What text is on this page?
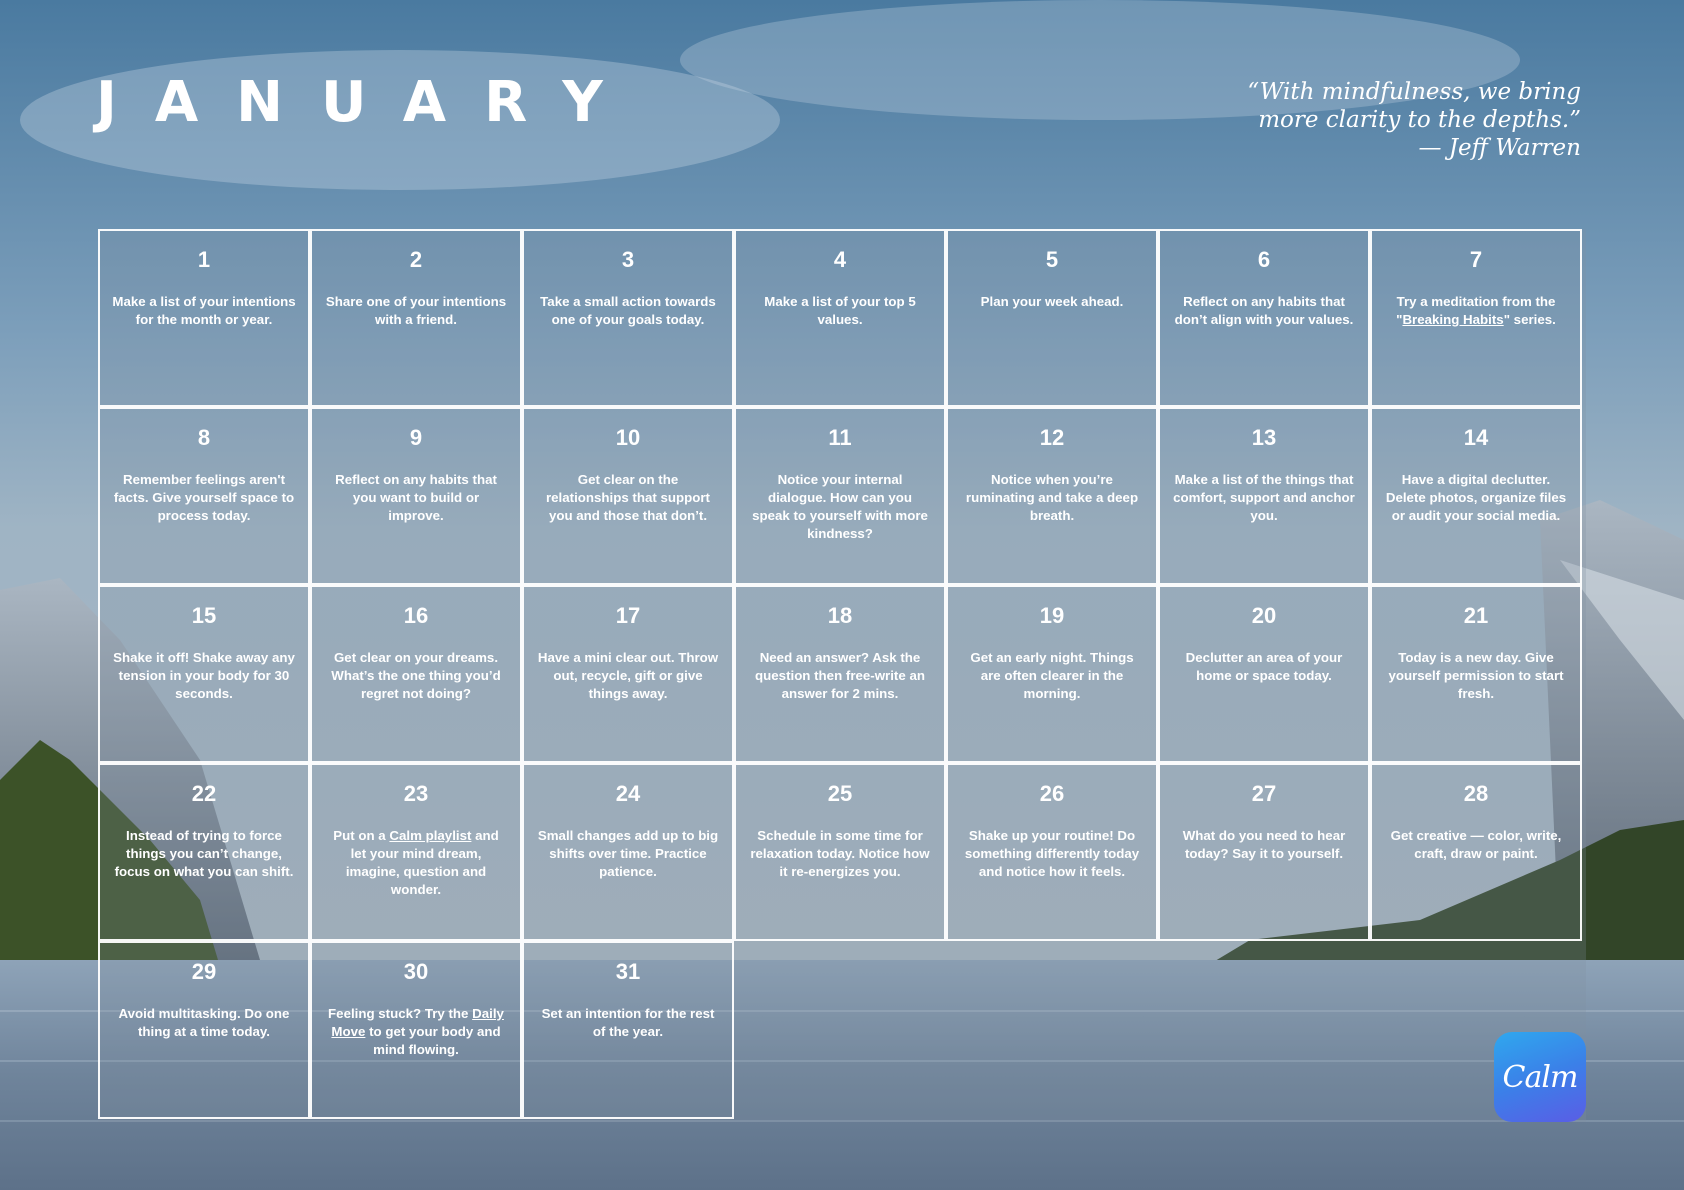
JANUARY	“With mindfulness, we bring
more clarity to the depths.”
— Jeff Warren
1
Make a list of your intentions for the month or year.
2
Share one of your intentions with a friend.
3
Take a small action towards one of your goals today.
4
Make a list of your top 5 values.
5
Plan your week ahead.
6
Reflect on any habits that don’t align with your values.
7
Try a meditation from the "Breaking Habits" series.
8
Remember feelings aren't facts. Give yourself space to process today.
9
Reflect on any habits that you want to build or improve.
10
Get clear on the relationships that support you and those that don’t.
11
Notice your internal dialogue. How can you speak to yourself with more kindness?
12
Notice when you’re ruminating and take a deep breath.
13
Make a list of the things that comfort, support and anchor you.
14
Have a digital declutter. Delete photos, organize files or audit your social media.
15
Shake it off! Shake away any tension in your body for 30 seconds.
16
Get clear on your dreams. What’s the one thing you’d regret not doing?
17
Have a mini clear out. Throw out, recycle, gift or give things away.
18
Need an answer? Ask the question then free-write an answer for 2 mins.
19
Get an early night. Things are often clearer in the morning.
20
Declutter an area of your home or space today.
21
Today is a new day. Give yourself permission to start fresh.
22
Instead of trying to force things you can’t change, focus on what you can shift.
23
Put on a Calm playlist and let your mind dream, imagine, question and wonder.
24
Small changes add up to big shifts over time. Practice patience.
25
Schedule in some time for relaxation today. Notice how it re-energizes you.
26
Shake up your routine! Do something differently today and notice how it feels.
27
What do you need to hear today? Say it to yourself.
28
Get creative — color, write, craft, draw or paint.
29
Avoid multitasking. Do one thing at a time today.
30
Feeling stuck? Try the Daily Move to get your body and mind flowing.
31
Set an intention for the rest of the year.
Calm
